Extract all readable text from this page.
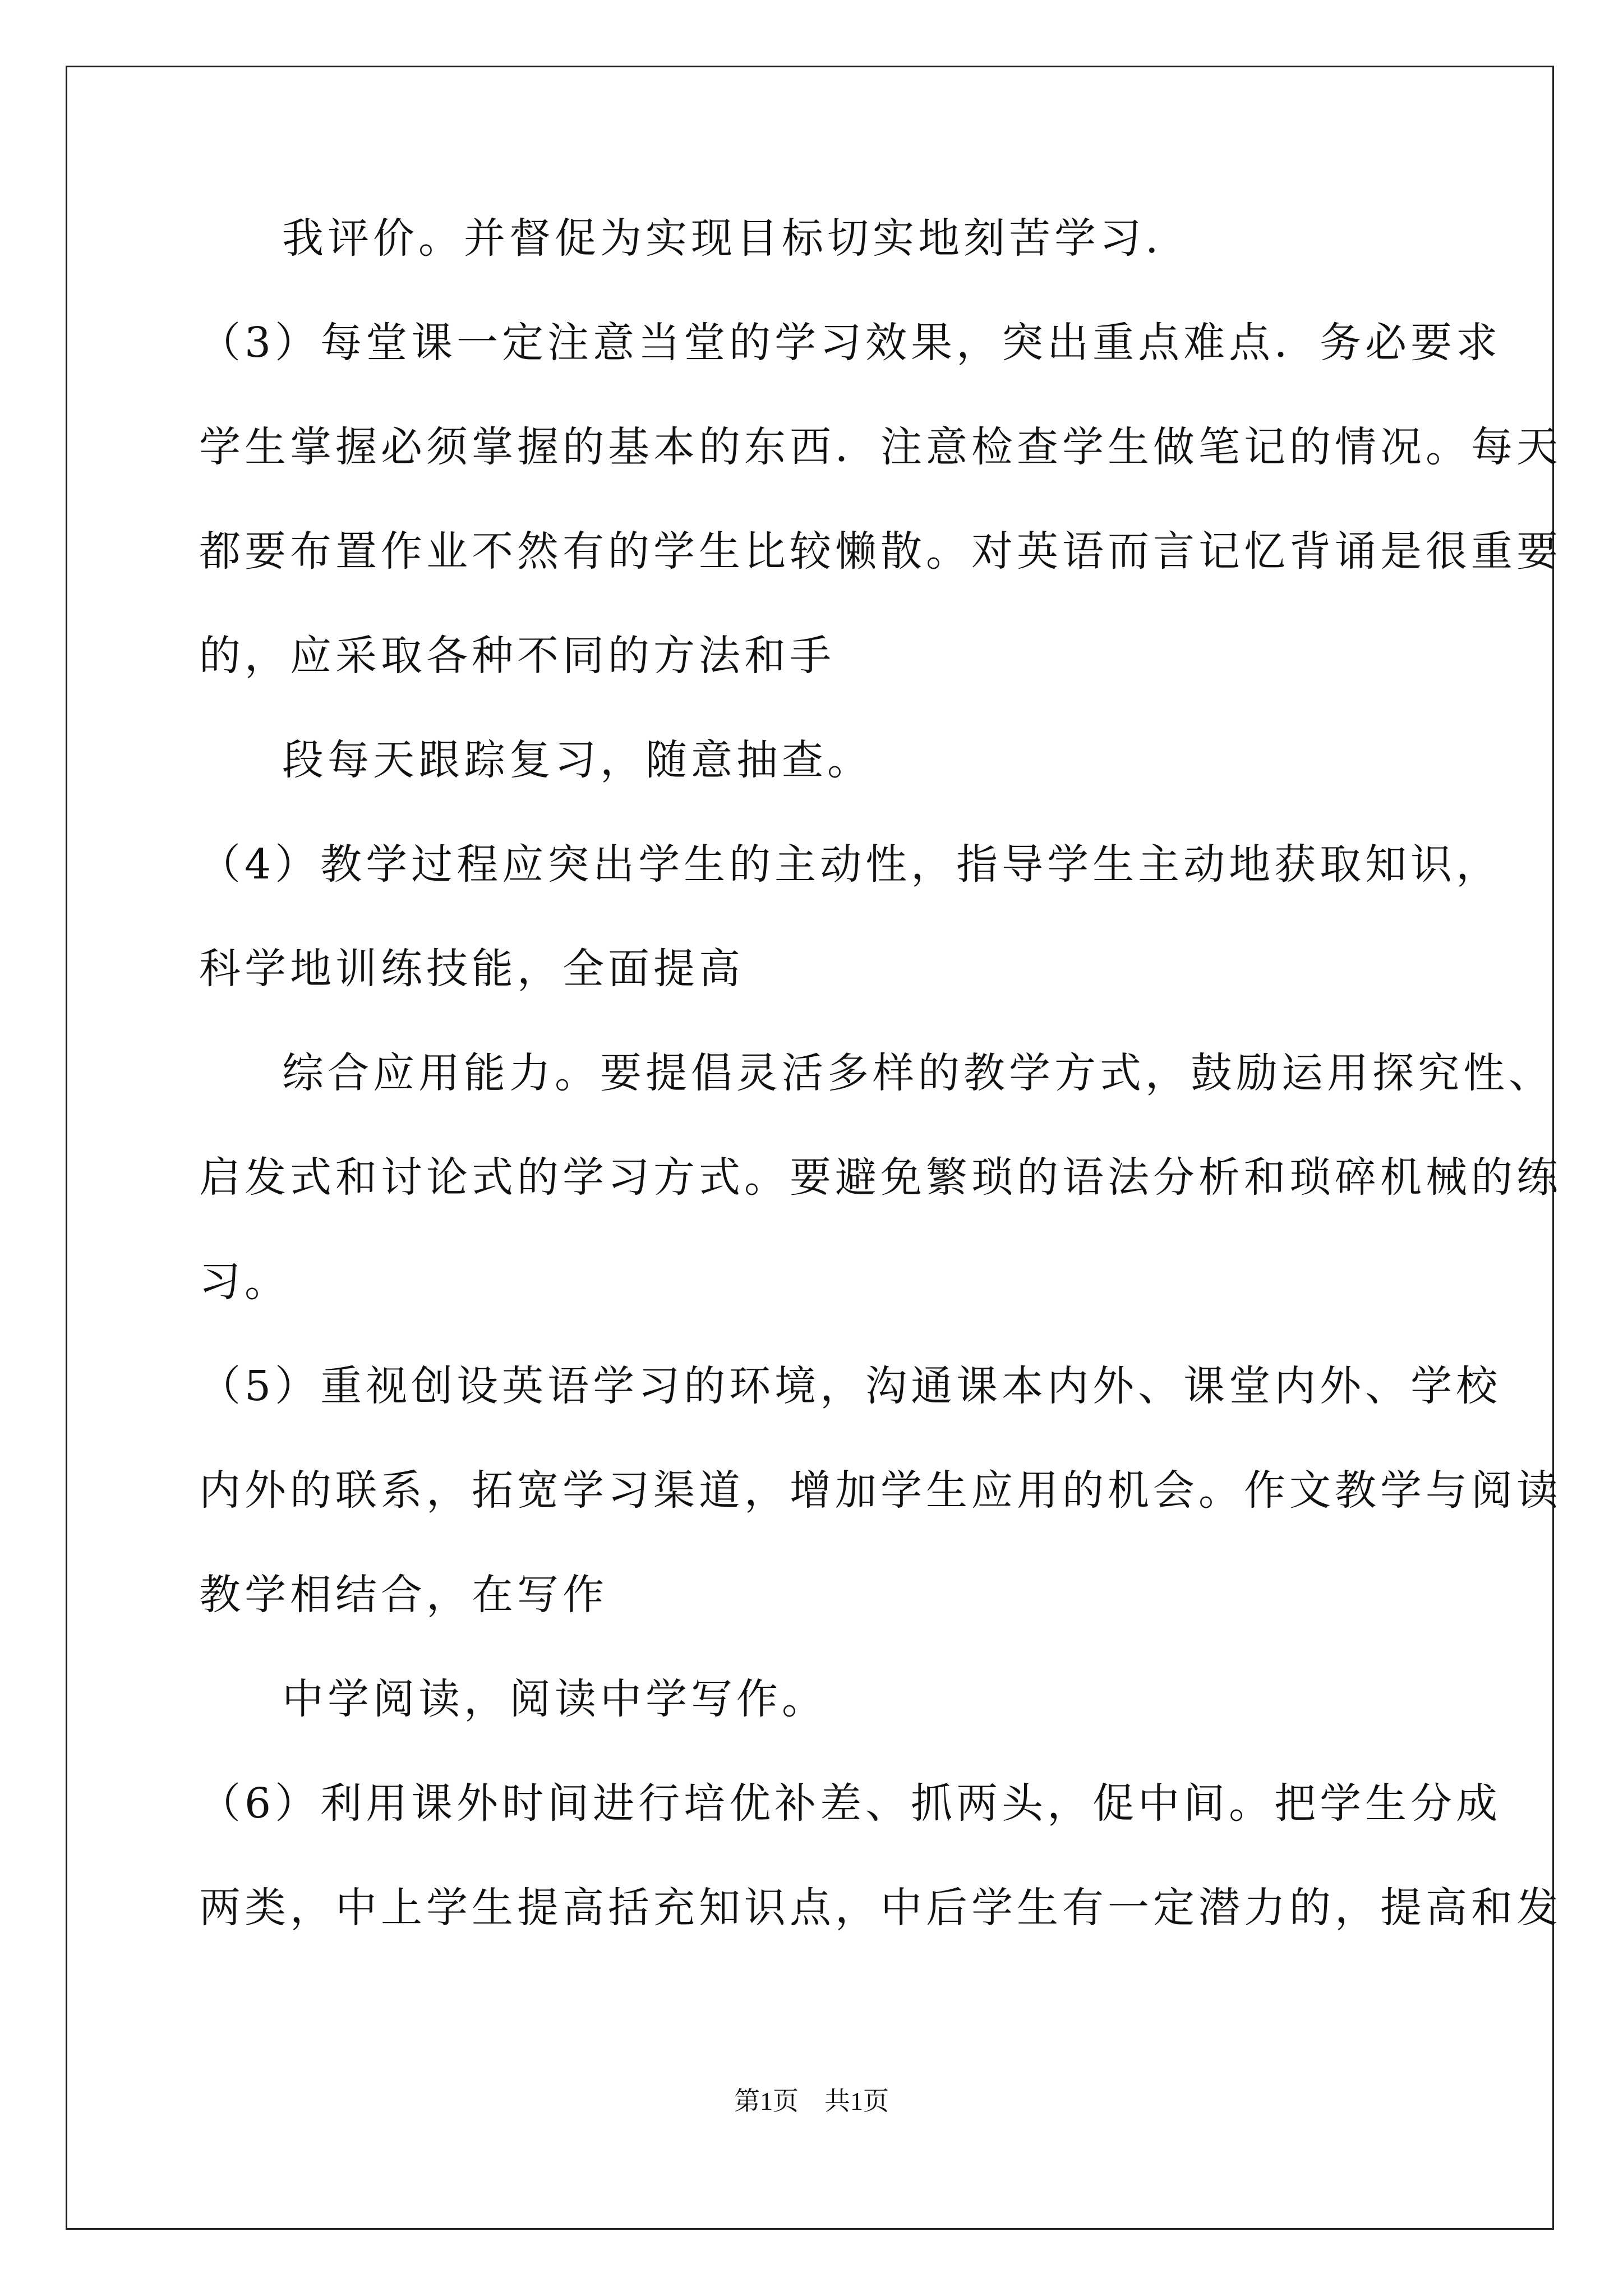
我评价。并督促为实现目标切实地刻苦学习.
（3）每堂课一定注意当堂的学习效果，突出重点难点．务必要求
学生掌握必须掌握的基本的东西．注意检查学生做笔记的情况。每天
都要布置作业不然有的学生比较懒散。对英语而言记忆背诵是很重要
的，应采取各种不同的方法和手
段每天跟踪复习，随意抽查。
（4）教学过程应突出学生的主动性，指导学生主动地获取知识，
科学地训练技能，全面提高
综合应用能力。要提倡灵活多样的教学方式，鼓励运用探究性、
启发式和讨论式的学习方式。要避免繁琐的语法分析和琐碎机械的练
习。
（5）重视创设英语学习的环境，沟通课本内外、课堂内外、学校
内外的联系，拓宽学习渠道，增加学生应用的机会。作文教学与阅读
教学相结合，在写作
中学阅读，阅读中学写作。
（6）利用课外时间进行培优补差、抓两头，促中间。把学生分成
两类，中上学生提高括充知识点，中后学生有一定潜力的，提高和发
第1页　共1页
